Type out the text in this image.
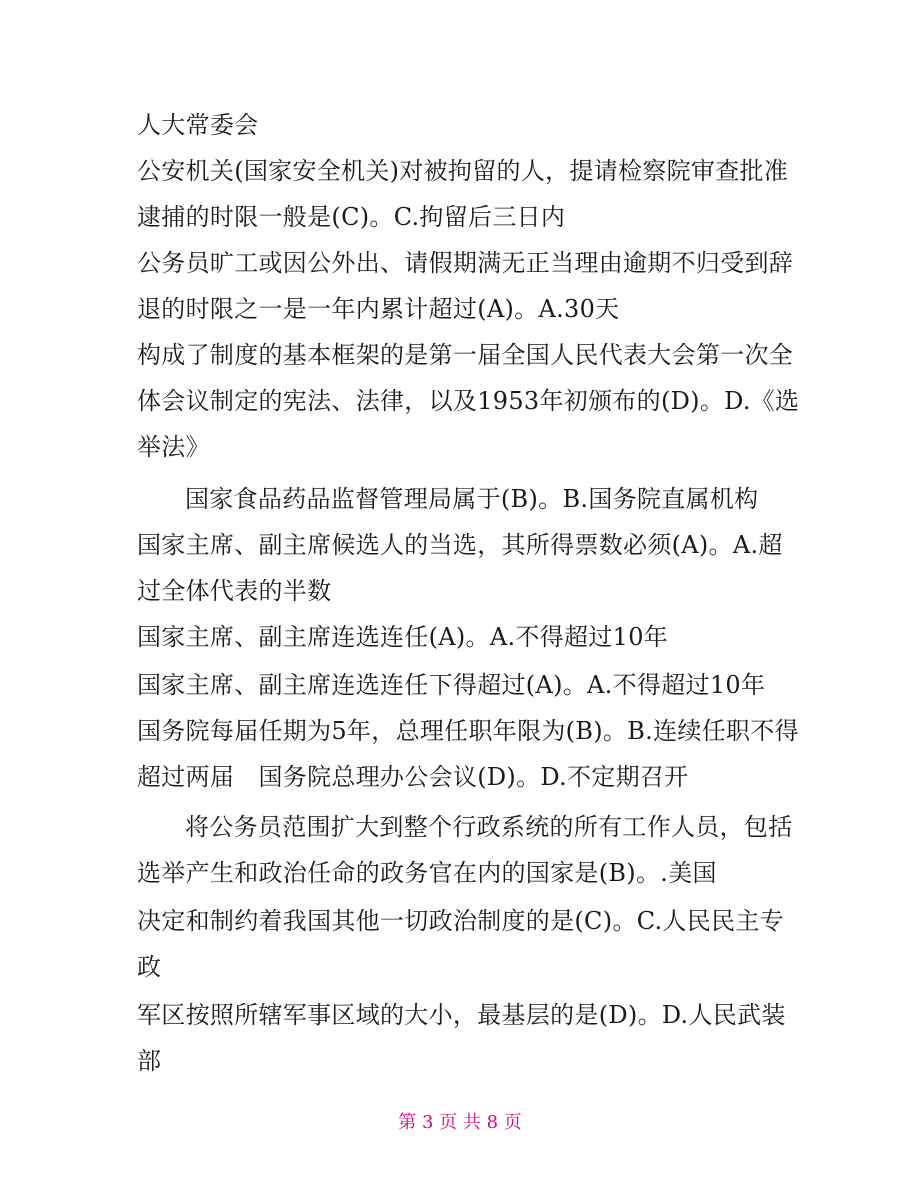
人大常委会
公安机关(国家安全机关)对被拘留的人，提请检察院审查批准
逮捕的时限一般是(C)。C.拘留后三日内
公务员旷工或因公外出、请假期满无正当理由逾期不归受到辞
退的时限之一是一年内累计超过(A)。A.30天
构成了制度的基本框架的是第一届全国人民代表大会第一次全
体会议制定的宪法、法律，以及1953年初颁布的(D)。D.《选
举法》
国家食品药品监督管理局属于(B)。B.国务院直属机构
国家主席、副主席候选人的当选，其所得票数必须(A)。A.超
过全体代表的半数
国家主席、副主席连选连任(A)。A.不得超过10年
国家主席、副主席连选连任下得超过(A)。A.不得超过10年
国务院每届任期为5年，总理任职年限为(B)。B.连续任职不得
超过两届　国务院总理办公会议(D)。D.不定期召开
将公务员范围扩大到整个行政系统的所有工作人员，包括
选举产生和政治任命的政务官在内的国家是(B)。.美国
决定和制约着我国其他一切政治制度的是(C)。C.人民民主专
政
军区按照所辖军事区域的大小，最基层的是(D)。D.人民武装
部
第 3 页 共 8 页
